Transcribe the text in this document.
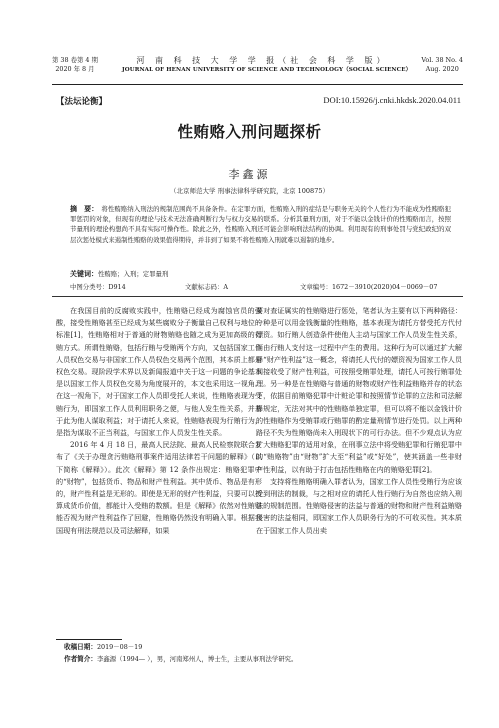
第 38 卷第 4 期
2020 年 8 月
河 南 科 技 大 学 学 报（社 会 科 学 版）
JOURNAL OF HENAN UNIVERSITY OF SCIENCE AND TECHNOLOGY（SOCIAL SCIENCE）
Vol. 38 No. 4
Aug. 2020
【法坛论衡】	DOI:10.15926/j.cnki.hkdsk.2020.04.011
性贿赂入刑问题探析
李鑫源
（北京师范大学 刑事法律科学研究院，北京 100875）
摘　要： 将性贿赂纳入刑法的规制范围尚不具备条件。在定罪方面，性贿赂入刑的症结是与职务无关的个人性行为不能成为性贿赂犯罪惩罚的对象，但现有的理论与技术无法准确判断行为与权力交易的联系。分析其量刑方面，对于不能以金钱计价的性贿赂而言，按照节量刑的理论构想尚不具有实际可操作性。除此之外，性贿赂入刑还可能会影响刑法结构的协调。利用现有的刑事处罚与党纪政纪的双层次惩处模式来遏制性贿赂的效果值得期待，并非到了如果不将性贿赂入刑就难以遏制的地步。
关键词：性贿赂；入刑；定罪量刑
中图分类号：D914	文献标志码：A	文章编号：1672－3910(2020)04－0069－07

在我国目前的反腐败实践中，性贿赂已经成为腐蚀官员的强酸，接受性贿赂甚至已经成为某些腐败分子衡量自己权利与地位的标准[1]，性贿赂相对于普通的财物贿赂也随之成为更加高级的行贿方式。所谓性贿赂，包括行贿与受贿两个方向，又包括国家工作人员权色交易与非国家工作人员权色交易两个范围，其本质上都是权色交易。现阶段学术界以及新闻报道中关于这一问题的争论基本是以国家工作人员权色交易为角度展开的，本文也采用这一视角。在这一视角下，对于国家工作人员即受托人来说，性贿赂表现为受贿行为，即国家工作人员利用职务之便，与他人发生性关系，并基于此为他人谋取利益；对于请托人来说，性贿赂表现为行贿行为，是指为谋取不正当利益，与国家工作人员发生性关系。

2016 年 4 月 18 日，最高人民法院、最高人民检察院联合发布了《关于办理贪污贿赂刑事案件适用法律若干问题的解释》（以下简称《解释》）。此次《解释》第 12 条作出规定：贿赂犯罪中的“财物”，包括货币、物品和财产性利益。其中货币、物品是有形的，财产性利益是无形的。即使是无形的财产性利益，只要可以折算成货币价值，都能计入受贿的数额。但是《解释》依然对性贿赂能否视为财产性利益作了回避，性贿赂仍然没有明确入罪。根据我国现有刑法规范以及司法解释，如果

要对查证属实的性贿赂进行惩处，笔者认为主要有以下两种路径：一种是可以用金钱衡量的性贿赂，基本表现为请托方替受托方代付嫖资。如行贿人创造条件使他人主动与国家工作人员发生性关系，而由行贿人支付这一过程中产生的费用。这种行为可以通过扩大解释“财产性利益”这一概念，将请托人代付的嫖资视为国家工作人员间接收受了财产性利益，可按照受贿罪处理，请托人可按行贿罪处理。另一种是在性贿赂与普通的财物或财产性利益贿赂并存的状态下，依据目前贿赂犯罪中计赃论罪和按照情节论罪的立法和司法解释规定，无法对其中的性贿赂单独定罪，但可以将不能以金钱计价的性贿赂作为受贿罪或行贿罪的酌定量刑情节进行处罚。以上两种路径不失为性贿赂尚未入刑现状下的可行办法。但不少观点认为应扩大贿赂犯罪的适用对象，在刑事立法中将受贿犯罪和行贿犯罪中的“贿赂物”由“财物”扩大至“利益”或“好处”，使其涵盖一些非财产性利益，以有助于打击包括性贿赂在内的贿赂犯罪[2]。

支持将性贿赂明确入罪者认为，国家工作人员性受贿行为应该受到刑法的制裁，与之相对应的请托人性行贿行为自然也应纳入刑法的规制范围。性贿赂侵害的法益与普通的财物和财产性利益贿赂侵害的法益相同，即国家工作人员职务行为的不可收买性。其本质在于国家工作人员出卖

收稿日期：2019－08－19
作者简介：李鑫源（1994— ），男，河南郑州人，博士生，主要从事刑法学研究。
